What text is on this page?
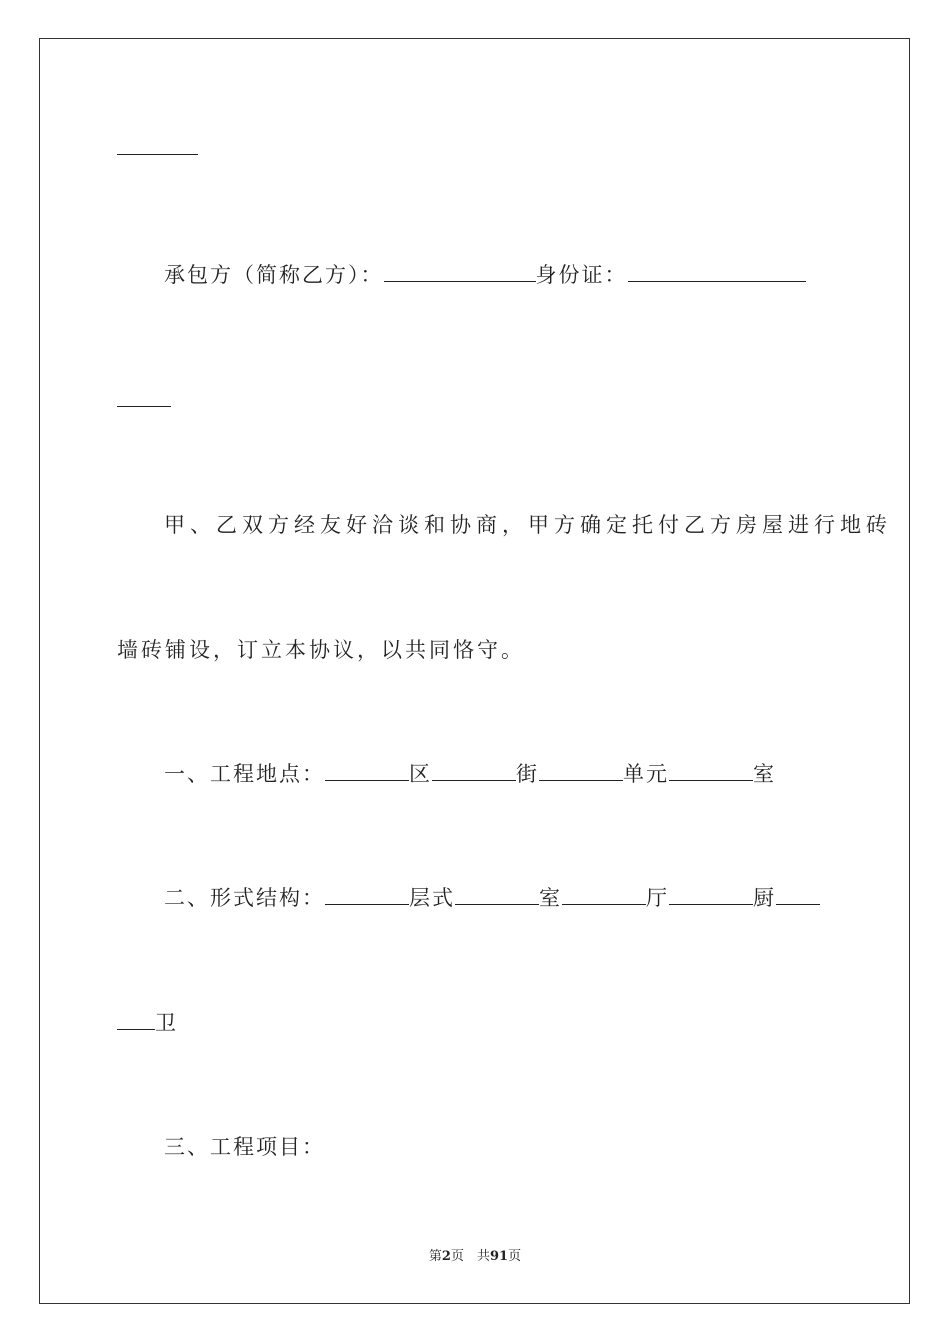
承包方（简称乙方）：	身份证：
甲、乙双方经友好洽谈和协商，甲方确定托付乙方房屋进行地砖
墙砖铺设，订立本协议，以共同恪守。
一、工程地点：	区	街	单元	室
二、形式结构：	层式	室	厅	厨
卫
三、工程项目：
第2页　共91页
